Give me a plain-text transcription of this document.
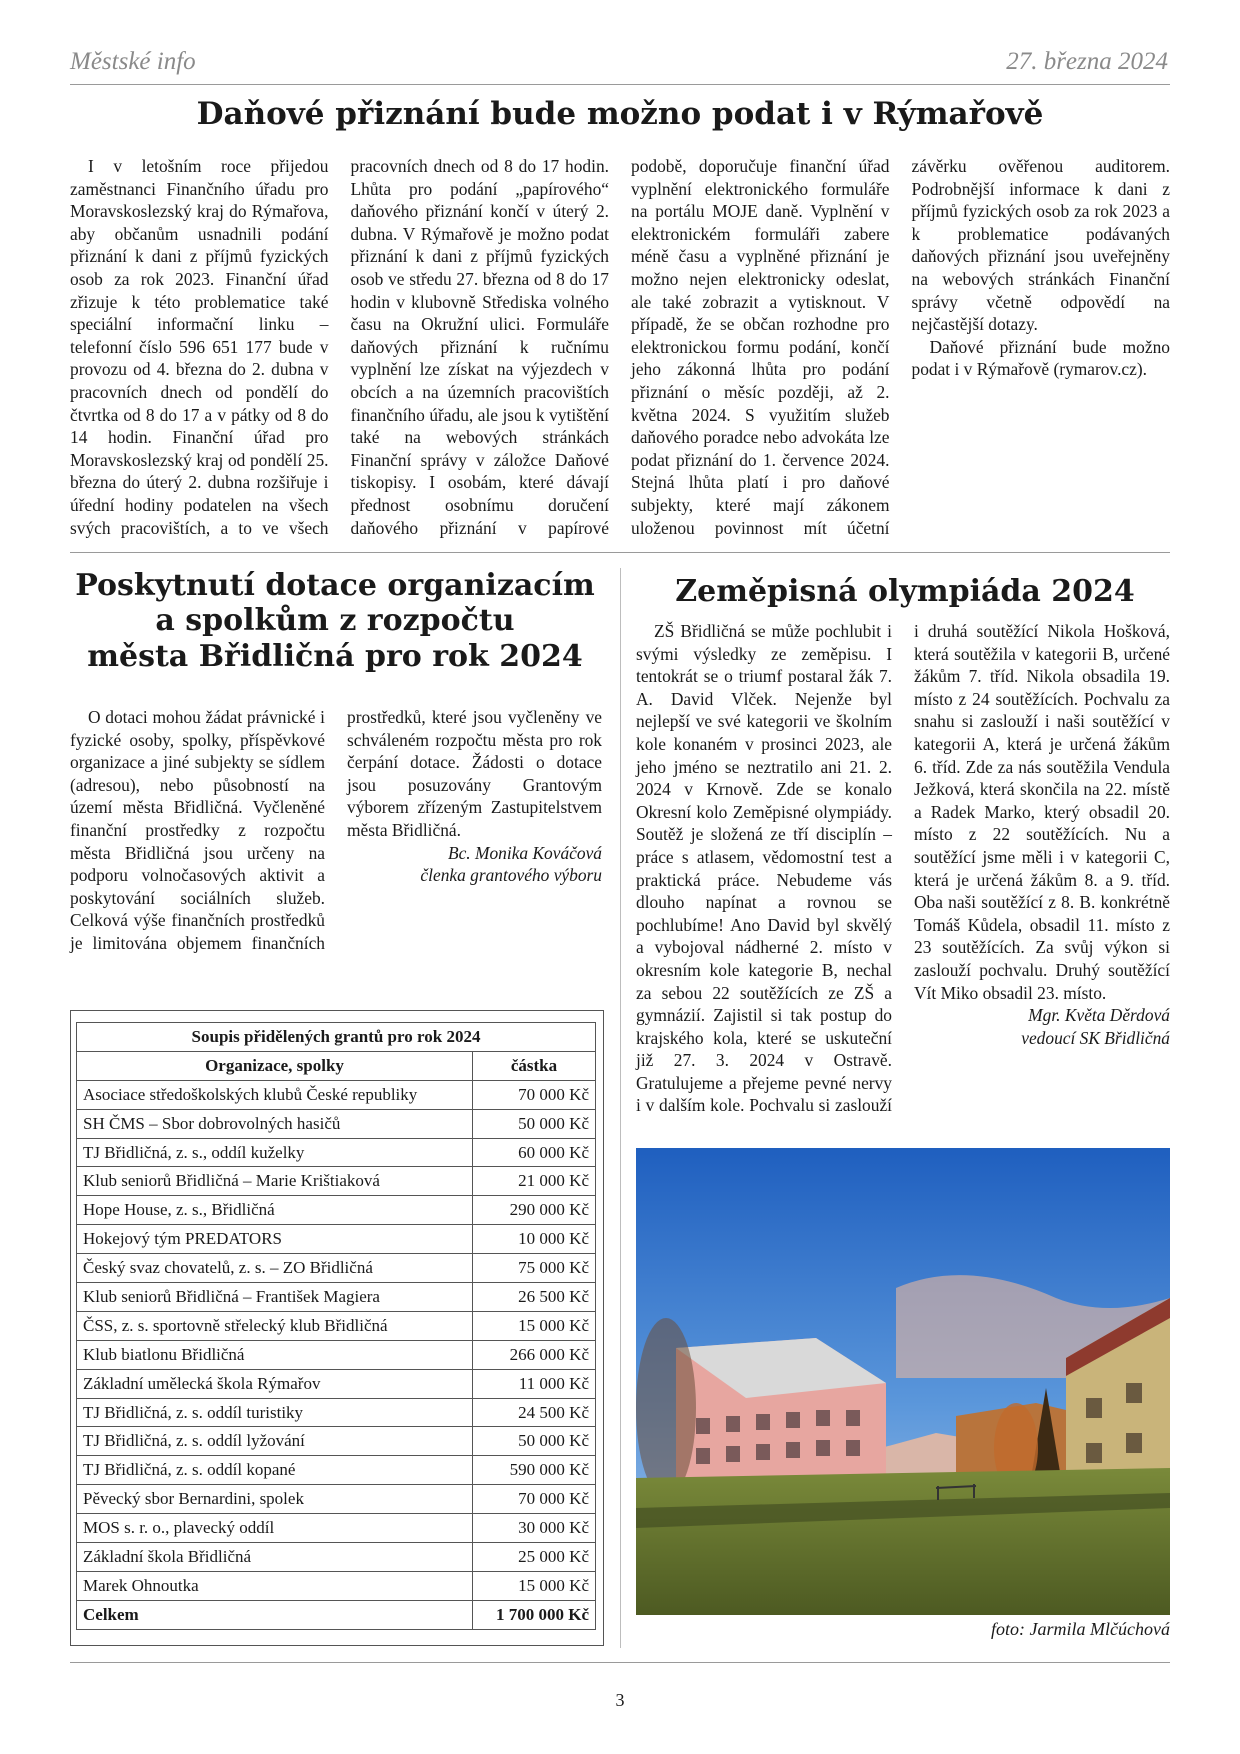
Městské info	27. března 2024
Daňové přiznání bude možno podat i v Rýmařově

I v letošním roce přijedou zaměstnanci Finančního úřadu pro Moravskoslezský kraj do Rýmařova, aby občanům usnadnili podání přiznání k dani z příjmů fyzických osob za rok 2023. Finanční úřad zřizuje k této problematice také speciální informační linku – telefonní číslo 596 651 177 bude v provozu od 4. března do 2. dubna v pracovních dnech od pondělí do čtvrtka od 8 do 17 a v pátky od 8 do 14 hodin. Finanční úřad pro Moravskoslezský kraj od pondělí 25. března do úterý 2. dubna rozšiřuje i úřední hodiny podatelen na všech svých pracovištích, a to ve všech pracovních dnech od 8 do 17 hodin. Lhůta pro podání „papírového“ daňového přiznání končí v úterý 2. dubna. V Rýmařově je možno podat přiznání k dani z příjmů fyzických osob ve středu 27. března od 8 do 17 hodin v klubovně Střediska volného času na Okružní ulici. Formuláře daňových přiznání k ručnímu vyplnění lze získat na výjezdech v obcích a na územních pracovištích finančního úřadu, ale jsou k vytištění také na webových stránkách Finanční správy v záložce Daňové tiskopisy. I osobám, které dávají přednost osobnímu doručení daňového přiznání v papírové podobě, doporučuje finanční úřad vyplnění elektronického formuláře na portálu MOJE daně. Vyplnění v elektronickém formuláři zabere méně času a vyplněné přiznání je možno nejen elektronicky odeslat, ale také zobrazit a vytisknout. V případě, že se občan rozhodne pro elektronickou formu podání, končí jeho zákonná lhůta pro podání přiznání o měsíc později, až 2. května 2024. S využitím služeb daňového poradce nebo advokáta lze podat přiznání do 1. července 2024. Stejná lhůta platí i pro daňové subjekty, které mají zákonem uloženou povinnost mít účetní závěrku ověřenou auditorem. Podrobnější informace k dani z příjmů fyzických osob za rok 2023 a k problematice podávaných daňových přiznání jsou uveřejněny na webových stránkách Finanční správy včetně odpovědí na nejčastější dotazy.

Daňové přiznání bude možno podat i v Rýmařově (rymarov.cz).

Poskytnutí dotace organizacím
a spolkům z rozpočtu
města Břidličná pro rok 2024

O dotaci mohou žádat právnické i fyzické osoby, spolky, příspěvkové organizace a jiné subjekty se sídlem (adresou), nebo působností na území města Břidličná. Vyčleněné finanční prostředky z rozpočtu města Břidličná jsou určeny na podporu volnočasových aktivit a poskytování sociálních služeb. Celková výše finančních prostředků je limitována objemem finančních prostředků, které jsou vyčleněny ve schváleném rozpočtu města pro rok čerpání dotace. Žádosti o dotace jsou posuzovány Grantovým výborem zřízeným Zastupitelstvem města Břidličná.

Bc. Monika Kováčová

členka grantového výboru

Soupis přidělených grantů pro rok 2024	
Organizace, spolky	částka
Asociace středoškolských klubů České republiky	70 000 Kč
SH ČMS – Sbor dobrovolných hasičů	50 000 Kč
TJ Břidličná, z. s., oddíl kuželky	60 000 Kč
Klub seniorů Břidličná – Marie Krištiaková	21 000 Kč
Hope House, z. s., Břidličná	290 000 Kč
Hokejový tým PREDATORS	10 000 Kč
Český svaz chovatelů, z. s. – ZO Břidličná	75 000 Kč
Klub seniorů Břidličná – František Magiera	26 500 Kč
ČSS, z. s. sportovně střelecký klub Břidličná	15 000 Kč
Klub biatlonu Břidličná	266 000 Kč
Základní umělecká škola Rýmařov	11 000 Kč
TJ Břidličná, z. s. oddíl turistiky	24 500 Kč
TJ Břidličná, z. s. oddíl lyžování	50 000 Kč
TJ Břidličná, z. s. oddíl kopané	590 000 Kč
Pěvecký sbor Bernardini, spolek	70 000 Kč
MOS s. r. o., plavecký oddíl	30 000 Kč
Základní škola Břidličná	25 000 Kč
Marek Ohnoutka	15 000 Kč
Celkem	1 700 000 Kč
Zeměpisná olympiáda 2024

ZŠ Břidličná se může pochlubit i svými výsledky ze zeměpisu. I tentokrát se o triumf postaral žák 7. A. David Vlček. Nejenže byl nejlepší ve své kategorii ve školním kole konaném v prosinci 2023, ale jeho jméno se neztratilo ani 21. 2. 2024 v Krnově. Zde se konalo Okresní kolo Zeměpisné olympiády. Soutěž je složená ze tří disciplín – práce s atlasem, vědomostní test a praktická práce. Nebudeme vás dlouho napínat a rovnou se pochlubíme! Ano David byl skvělý a vybojoval nádherné 2. místo v okresním kole kategorie B, nechal za sebou 22 soutěžících ze ZŠ a gymnázií. Zajistil si tak postup do krajského kola, které se uskuteční již 27. 3. 2024 v Ostravě. Gratulujeme a přejeme pevné nervy i v dalším kole. Pochvalu si zaslouží i druhá soutěžící Nikola Hošková, která soutěžila v kategorii B, určené žákům 7. tříd. Nikola obsadila 19. místo z 24 soutěžících. Pochvalu za snahu si zaslouží i naši soutěžící v kategorii A, která je určená žákům 6. tříd. Zde za nás soutěžila Vendula Ježková, která skončila na 22. místě a Radek Marko, který obsadil 20. místo z 22 soutěžících. Nu a soutěžící jsme měli i v kategorii C, která je určená žákům 8. a 9. tříd. Oba naši soutěžící z 8. B. konkrétně Tomáš Kůdela, obsadil 11. místo z 23 soutěžících. Za svůj výkon si zaslouží pochvalu. Druhý soutěžící Vít Miko obsadil 23. místo.

Mgr. Květa Děrdová

vedoucí SK Břidličná

foto: Jarmila Mlčúchová
3
